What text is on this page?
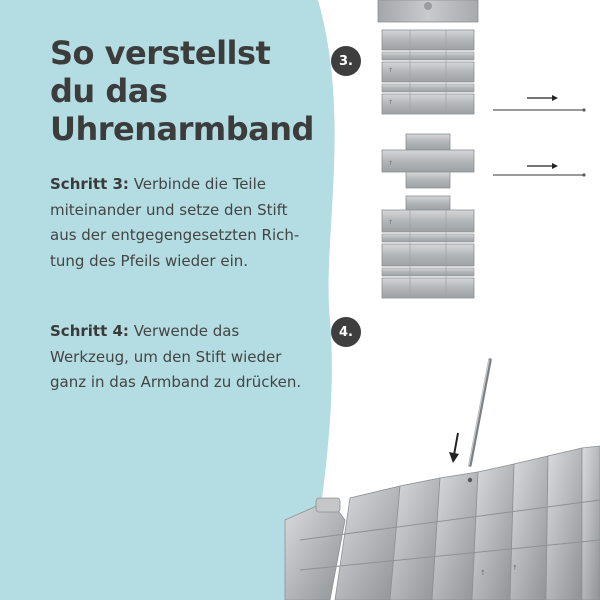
So verstellst
du das
Uhrenarmband

Schritt 3: Verbinde die Teile
miteinander und setze den Stift
aus der entgegengesetzten Rich-
tung des Pfeils wieder ein.

Schritt 4: Verwende das
Werkzeug, um den Stift wieder
ganz in das Armband zu drücken.

↑
↑
↑
↑
↑
↑
3.
4.
